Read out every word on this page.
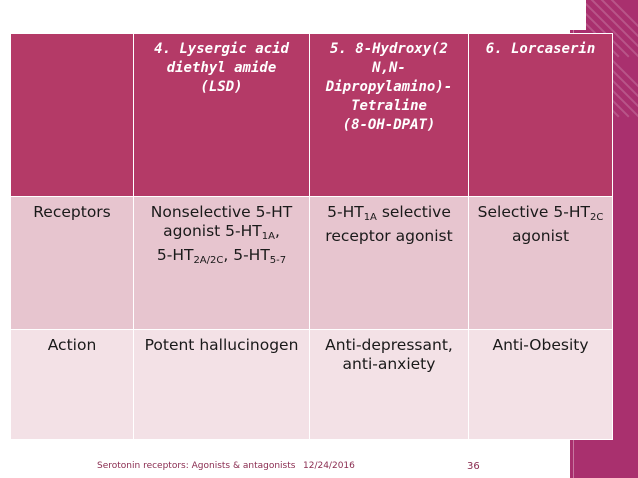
	4. Lysergic acid diethyl amide (LSD)	5. 8-Hydroxy(2
N,N-
Dipropylamino)-
Tetraline
(8-OH-DPAT)	6. Lorcaserin
Receptors	Nonselective 5-HT agonist $5-HT_{1A}$,
$5-HT_{2A/2C}$, $5-HT_{5-7}$	$5-HT_{1A}$ selective receptor agonist	Selective $5-HT_{2C}$ agonist
Action	Potent hallucinogen	Anti-depressant, anti-anxiety	Anti-Obesity
Serotonin receptors: Agonists & antagonists 12/24/2016	36
